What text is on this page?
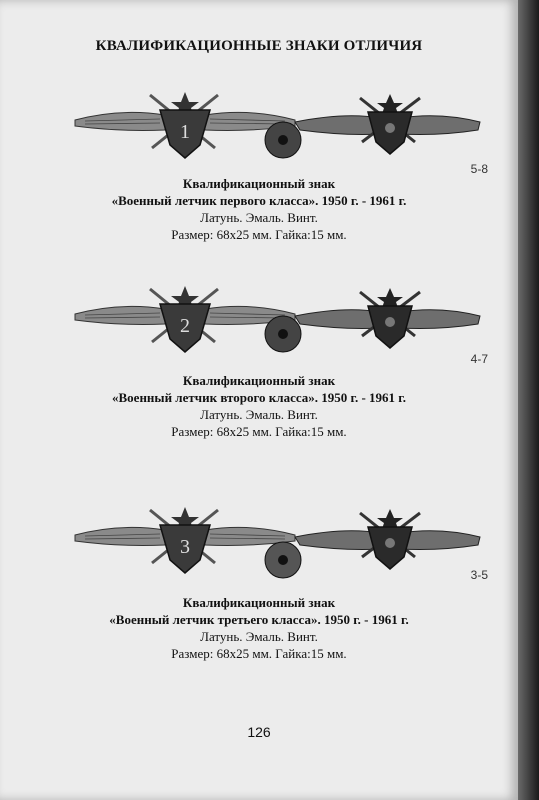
КВАЛИФИКАЦИОННЫЕ ЗНАКИ ОТЛИЧИЯ
1
5-8
Квалификационный знак
«Военный летчик первого класса». 1950 г. - 1961 г.
Латунь. Эмаль. Винт.
Размер: 68х25 мм. Гайка:15 мм.
2
4-7
Квалификационный знак
«Военный летчик второго класса». 1950 г. - 1961 г.
Латунь. Эмаль. Винт.
Размер: 68х25 мм. Гайка:15 мм.
3
3-5
Квалификационный знак
«Военный летчик третьего класса». 1950 г. - 1961 г.
Латунь. Эмаль. Винт.
Размер: 68х25 мм. Гайка:15 мм.
126
